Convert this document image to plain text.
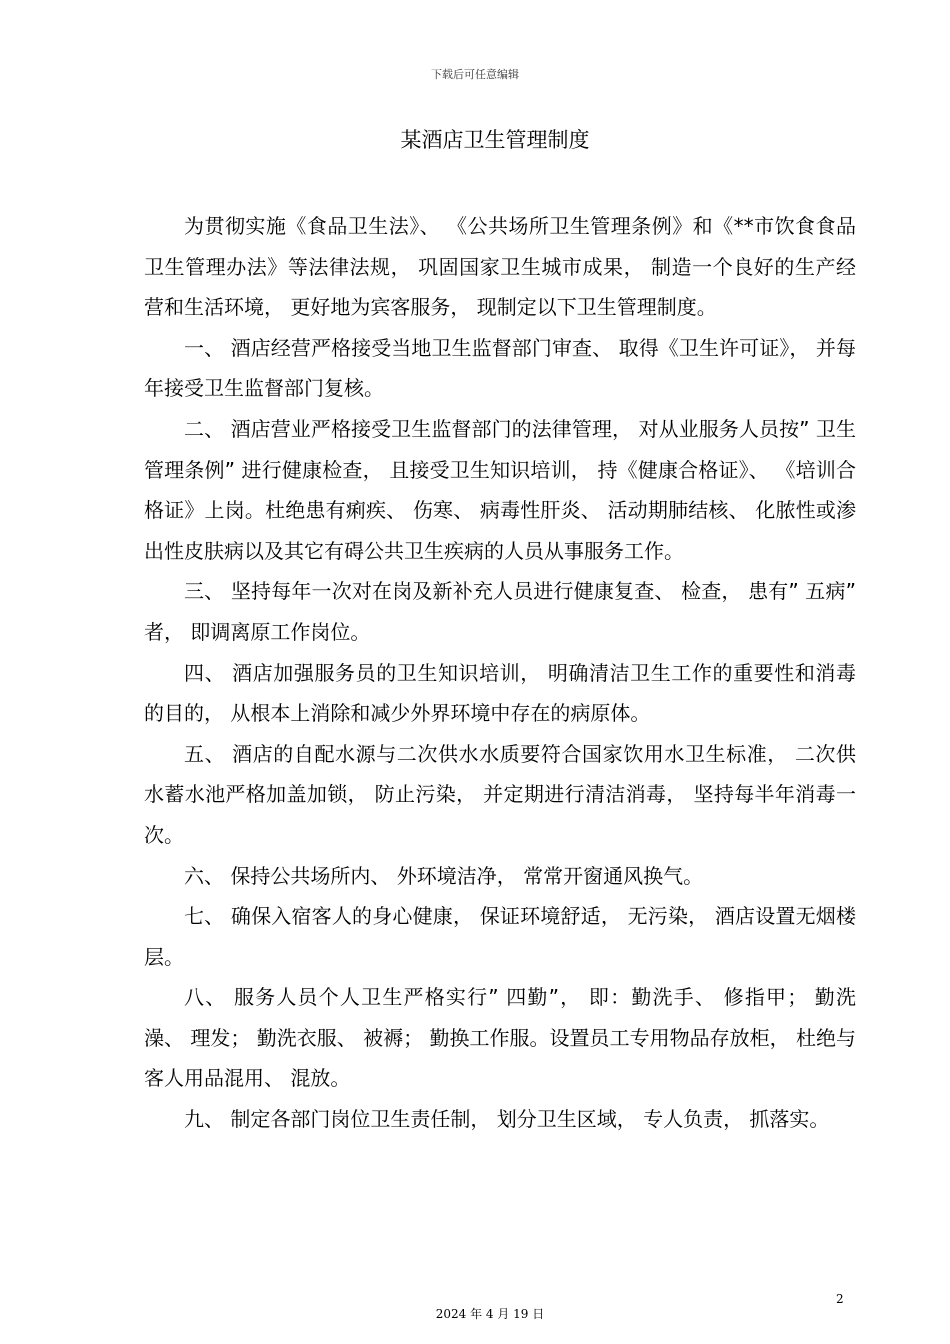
下载后可任意编辑
某酒店卫生管理制度

为贯彻实施《食品卫生法》、 《公共场所卫生管理条例》和《**市饮食食品卫生管理办法》等法律法规， 巩固国家卫生城市成果， 制造一个良好的生产经营和生活环境， 更好地为宾客服务， 现制定以下卫生管理制度。

一、 酒店经营严格接受当地卫生监督部门审查、 取得《卫生许可证》， 并每年接受卫生监督部门复核。

二、 酒店营业严格接受卫生监督部门的法律管理， 对从业服务人员按” 卫生管理条例” 进行健康检查， 且接受卫生知识培训， 持《健康合格证》、 《培训合格证》上岗。杜绝患有痢疾、 伤寒、 病毒性肝炎、 活动期肺结核、 化脓性或渗出性皮肤病以及其它有碍公共卫生疾病的人员从事服务工作。

三、 坚持每年一次对在岗及新补充人员进行健康复查、 检查， 患有” 五病” 者， 即调离原工作岗位。

四、 酒店加强服务员的卫生知识培训， 明确清洁卫生工作的重要性和消毒的目的， 从根本上消除和减少外界环境中存在的病原体。

五、 酒店的自配水源与二次供水水质要符合国家饮用水卫生标准， 二次供水蓄水池严格加盖加锁， 防止污染， 并定期进行清洁消毒， 坚持每半年消毒一次。

六、 保持公共场所内、 外环境洁净， 常常开窗通风换气。

七、 确保入宿客人的身心健康， 保证环境舒适， 无污染， 酒店设置无烟楼层。

八、 服务人员个人卫生严格实行” 四勤”， 即：勤洗手、 修指甲； 勤洗澡、 理发； 勤洗衣服、 被褥； 勤换工作服。设置员工专用物品存放柜， 杜绝与客人用品混用、 混放。

九、 制定各部门岗位卫生责任制， 划分卫生区域， 专人负责， 抓落实。

2
2024 年 4 月 19 日
